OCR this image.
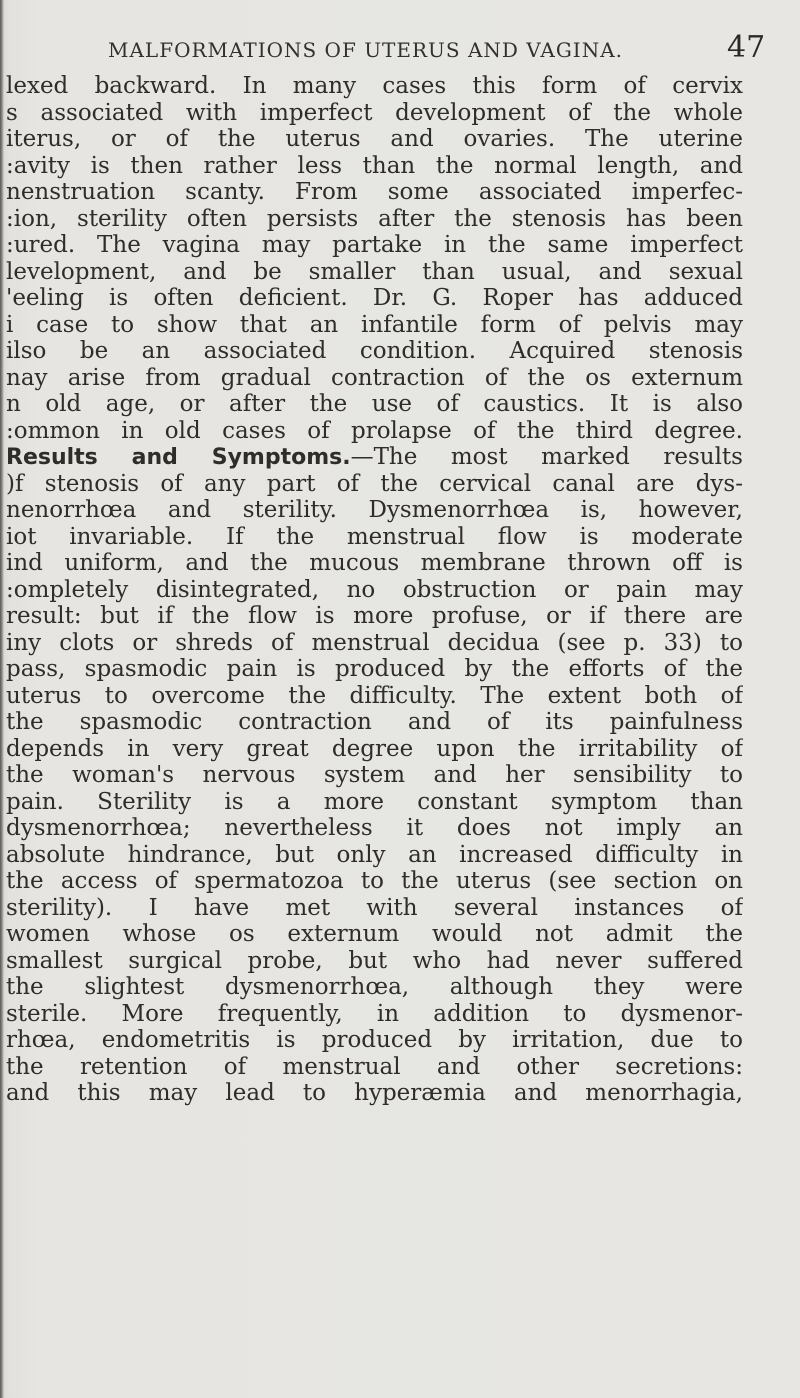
MALFORMATIONS OF UTERUS AND VAGINA.	47
lexed backward. In many cases this form of cervix
s associated with imperfect development of the whole
iterus, or of the uterus and ovaries. The uterine
:avity is then rather less than the normal length, and
nenstruation scanty. From some associated imperfec-
:ion, sterility often persists after the stenosis has been
:ured. The vagina may partake in the same imperfect
levelopment, and be smaller than usual, and sexual
'eeling is often deficient. Dr. G. Roper has adduced
i case to show that an infantile form of pelvis may
ilso be an associated condition. Acquired stenosis
nay arise from gradual contraction of the os externum
n old age, or after the use of caustics. It is also
:ommon in old cases of prolapse of the third degree.
Results and Symptoms.—The most marked results
)f stenosis of any part of the cervical canal are dys-
nenorrhœa and sterility. Dysmenorrhœa is, however,
iot invariable. If the menstrual flow is moderate
ind uniform, and the mucous membrane thrown off is
:ompletely disintegrated, no obstruction or pain may
result: but if the flow is more profuse, or if there are
iny clots or shreds of menstrual decidua (see p. 33) to
pass, spasmodic pain is produced by the efforts of the
uterus to overcome the difficulty. The extent both of
the spasmodic contraction and of its painfulness
depends in very great degree upon the irritability of
the woman's nervous system and her sensibility to
pain. Sterility is a more constant symptom than
dysmenorrhœa; nevertheless it does not imply an
absolute hindrance, but only an increased difficulty in
the access of spermatozoa to the uterus (see section on
sterility). I have met with several instances of
women whose os externum would not admit the
smallest surgical probe, but who had never suffered
the slightest dysmenorrhœa, although they were
sterile. More frequently, in addition to dysmenor-
rhœa, endometritis is produced by irritation, due to
the retention of menstrual and other secretions:
and this may lead to hyperæmia and menorrhagia,
